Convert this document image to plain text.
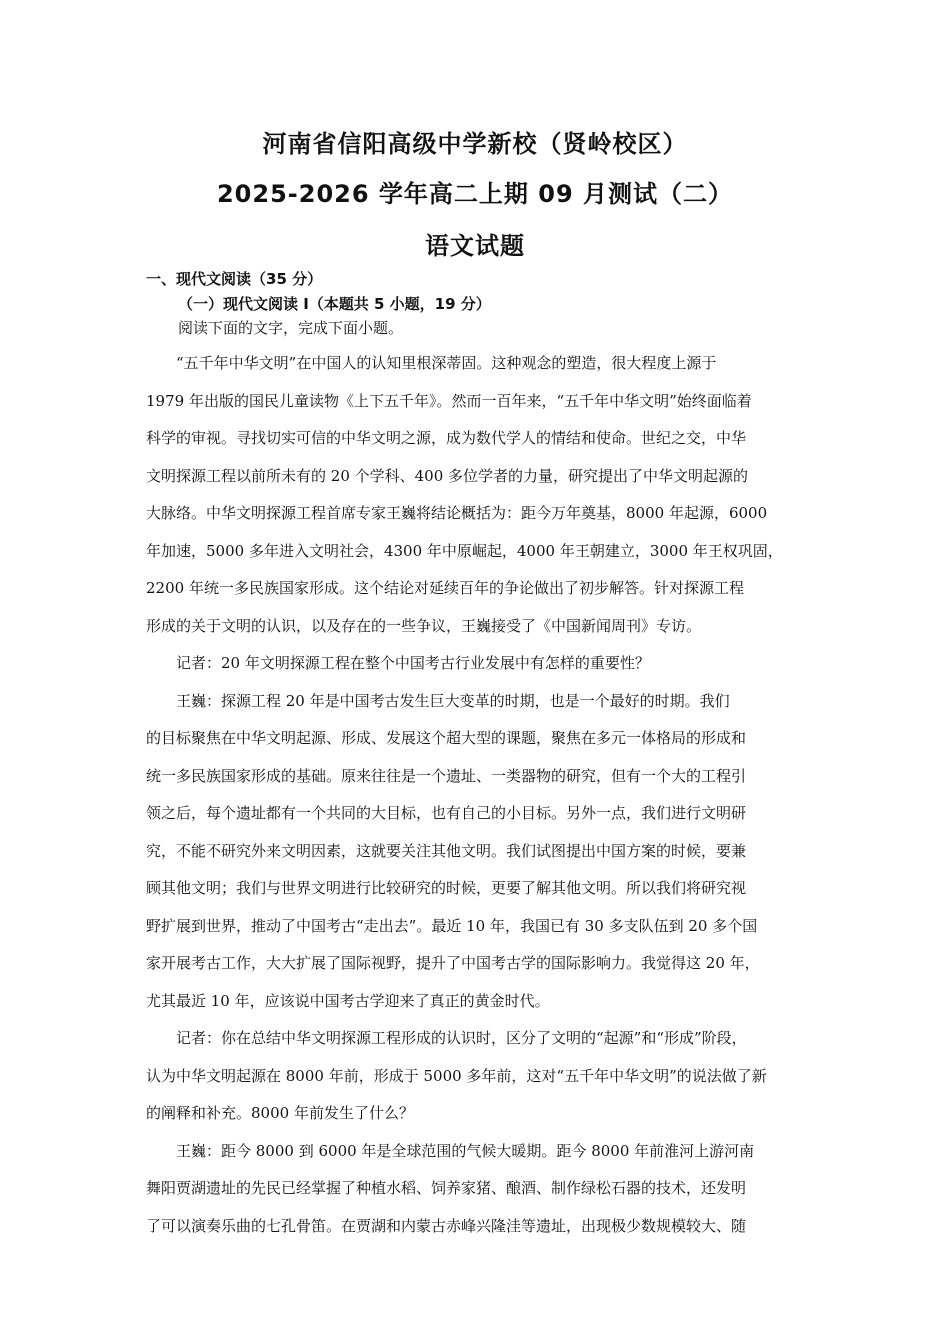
河南省信阳高级中学新校（贤岭校区）
2025-2026 学年高二上期 09 月测试（二）
语文试题
一、现代文阅读（35 分）
（一）现代文阅读 I（本题共 5 小题，19 分）
阅读下面的文字，完成下面小题。
“五千年中华文明”在中国人的认知里根深蒂固。这种观念的塑造，很大程度上源于
1979 年出版的国民儿童读物《上下五千年》。然而一百年来，“五千年中华文明”始终面临着
科学的审视。寻找切实可信的中华文明之源，成为数代学人的情结和使命。世纪之交，中华
文明探源工程以前所未有的 20 个学科、400 多位学者的力量，研究提出了中华文明起源的
大脉络。中华文明探源工程首席专家王巍将结论概括为：距今万年奠基，8000 年起源，6000
年加速，5000 多年进入文明社会，4300 年中原崛起，4000 年王朝建立，3000 年王权巩固，
2200 年统一多民族国家形成。这个结论对延续百年的争论做出了初步解答。针对探源工程
形成的关于文明的认识，以及存在的一些争议，王巍接受了《中国新闻周刊》专访。
记者：20 年文明探源工程在整个中国考古行业发展中有怎样的重要性？
王巍：探源工程 20 年是中国考古发生巨大变革的时期，也是一个最好的时期。我们
的目标聚焦在中华文明起源、形成、发展这个超大型的课题，聚焦在多元一体格局的形成和
统一多民族国家形成的基础。原来往往是一个遗址、一类器物的研究，但有一个大的工程引
领之后，每个遗址都有一个共同的大目标，也有自己的小目标。另外一点，我们进行文明研
究，不能不研究外来文明因素，这就要关注其他文明。我们试图提出中国方案的时候，要兼
顾其他文明；我们与世界文明进行比较研究的时候，更要了解其他文明。所以我们将研究视
野扩展到世界，推动了中国考古“走出去”。最近 10 年，我国已有 30 多支队伍到 20 多个国
家开展考古工作，大大扩展了国际视野，提升了中国考古学的国际影响力。我觉得这 20 年，
尤其最近 10 年，应该说中国考古学迎来了真正的黄金时代。
记者：你在总结中华文明探源工程形成的认识时，区分了文明的“起源”和“形成”阶段，
认为中华文明起源在 8000 年前，形成于 5000 多年前，这对“五千年中华文明”的说法做了新
的阐释和补充。8000 年前发生了什么？
王巍：距今 8000 到 6000 年是全球范围的气候大暖期。距今 8000 年前淮河上游河南
舞阳贾湖遗址的先民已经掌握了种植水稻、饲养家猪、酿酒、制作绿松石器的技术，还发明
了可以演奏乐曲的七孔骨笛。在贾湖和内蒙古赤峰兴隆洼等遗址，出现极少数规模较大、随
